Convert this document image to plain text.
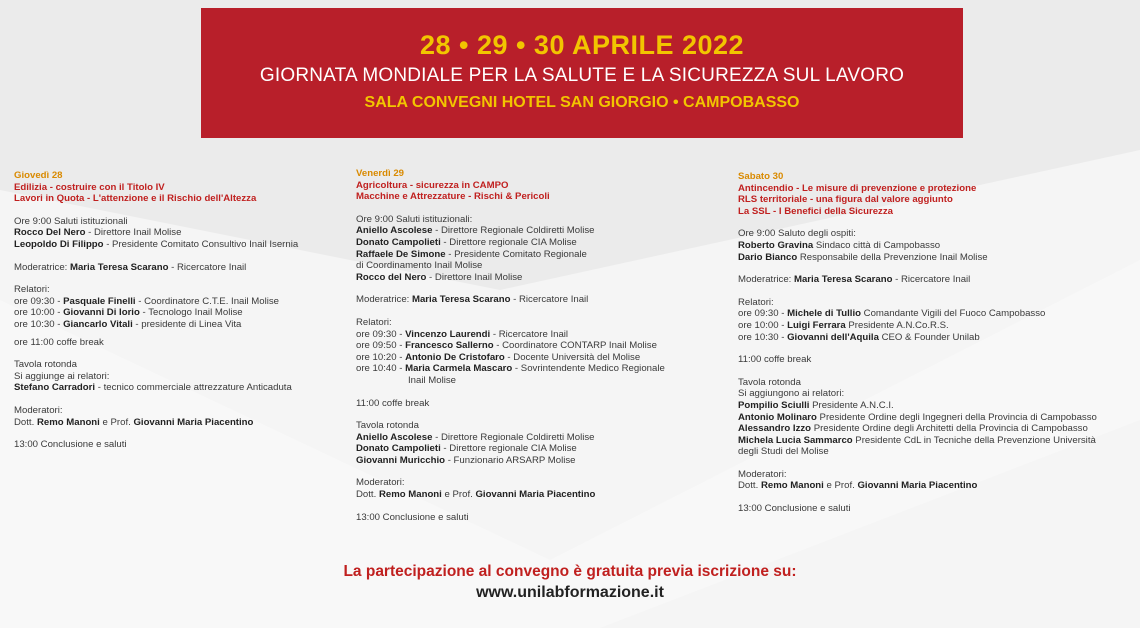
28 • 29 • 30 APRILE 2022
GIORNATA MONDIALE PER LA SALUTE E LA SICUREZZA SUL LAVORO
SALA CONVEGNI HOTEL SAN GIORGIO • CAMPOBASSO
Giovedì 28
Edilizia - costruire con il Titolo IV
Lavori in Quota - L'attenzione e il Rischio dell'Altezza
Ore 9:00 Saluti istituzionali
Rocco Del Nero - Direttore Inail Molise
Leopoldo Di Filippo - Presidente Comitato Consultivo Inail Isernia
Moderatrice: Maria Teresa Scarano - Ricercatore Inail
Relatori:
ore 09:30 - Pasquale Finelli - Coordinatore C.T.E. Inail Molise
ore 10:00 - Giovanni Di Iorio - Tecnologo Inail Molise
ore 10:30 - Giancarlo Vitali - presidente di Linea Vita
ore 11:00 coffe break
Tavola rotonda
Si aggiunge ai relatori:
Stefano Carradori - tecnico commerciale attrezzature Anticaduta
Moderatori:
Dott. Remo Manoni e Prof. Giovanni Maria Piacentino
13:00 Conclusione e saluti
Venerdì 29
Agricoltura - sicurezza in CAMPO
Macchine e Attrezzature - Rischi & Pericoli
Ore 9:00 Saluti istituzionali:
Aniello Ascolese - Direttore Regionale Coldiretti Molise
Donato Campolieti - Direttore regionale CIA Molise
Raffaele De Simone - Presidente Comitato Regionale
di Coordinamento Inail Molise
Rocco del Nero - Direttore Inail Molise
Moderatrice: Maria Teresa Scarano - Ricercatore Inail
Relatori:
ore 09:30 - Vincenzo Laurendi - Ricercatore Inail
ore 09:50 - Francesco Sallerno - Coordinatore CONTARP Inail Molise
ore 10:20 - Antonio De Cristofaro - Docente Università del Molise
ore 10:40 - Maria Carmela Mascaro - Sovrintendente Medico Regionale
Inail Molise
11:00 coffe break
Tavola rotonda
Aniello Ascolese - Direttore Regionale Coldiretti Molise
Donato Campolieti - Direttore regionale CIA Molise
Giovanni Muricchio - Funzionario ARSARP Molise
Moderatori:
Dott. Remo Manoni e Prof. Giovanni Maria Piacentino
13:00 Conclusione e saluti
Sabato 30
Antincendio - Le misure di prevenzione e protezione
RLS territoriale - una figura dal valore aggiunto
La SSL - I Benefici della Sicurezza
Ore 9:00 Saluto degli ospiti:
Roberto Gravina Sindaco città di Campobasso
Dario Bianco Responsabile della Prevenzione Inail Molise
Moderatrice: Maria Teresa Scarano - Ricercatore Inail
Relatori:
ore 09:30 - Michele di Tullio Comandante Vigili del Fuoco Campobasso
ore 10:00 - Luigi Ferrara Presidente A.N.Co.R.S.
ore 10:30 - Giovanni dell'Aquila CEO & Founder Unilab
11:00 coffe break
Tavola rotonda
Si aggiungono ai relatori:
Pompilio Sciulli Presidente A.N.C.I.
Antonio Molinaro Presidente Ordine degli Ingegneri della Provincia di Campobasso
Alessandro Izzo Presidente Ordine degli Architetti della Provincia di Campobasso
Michela Lucia Sammarco Presidente CdL in Tecniche della Prevenzione Università
degli Studi del Molise
Moderatori:
Dott. Remo Manoni e Prof. Giovanni Maria Piacentino
13:00 Conclusione e saluti
La partecipazione al convegno è gratuita previa iscrizione su:
www.unilabformazione.it
